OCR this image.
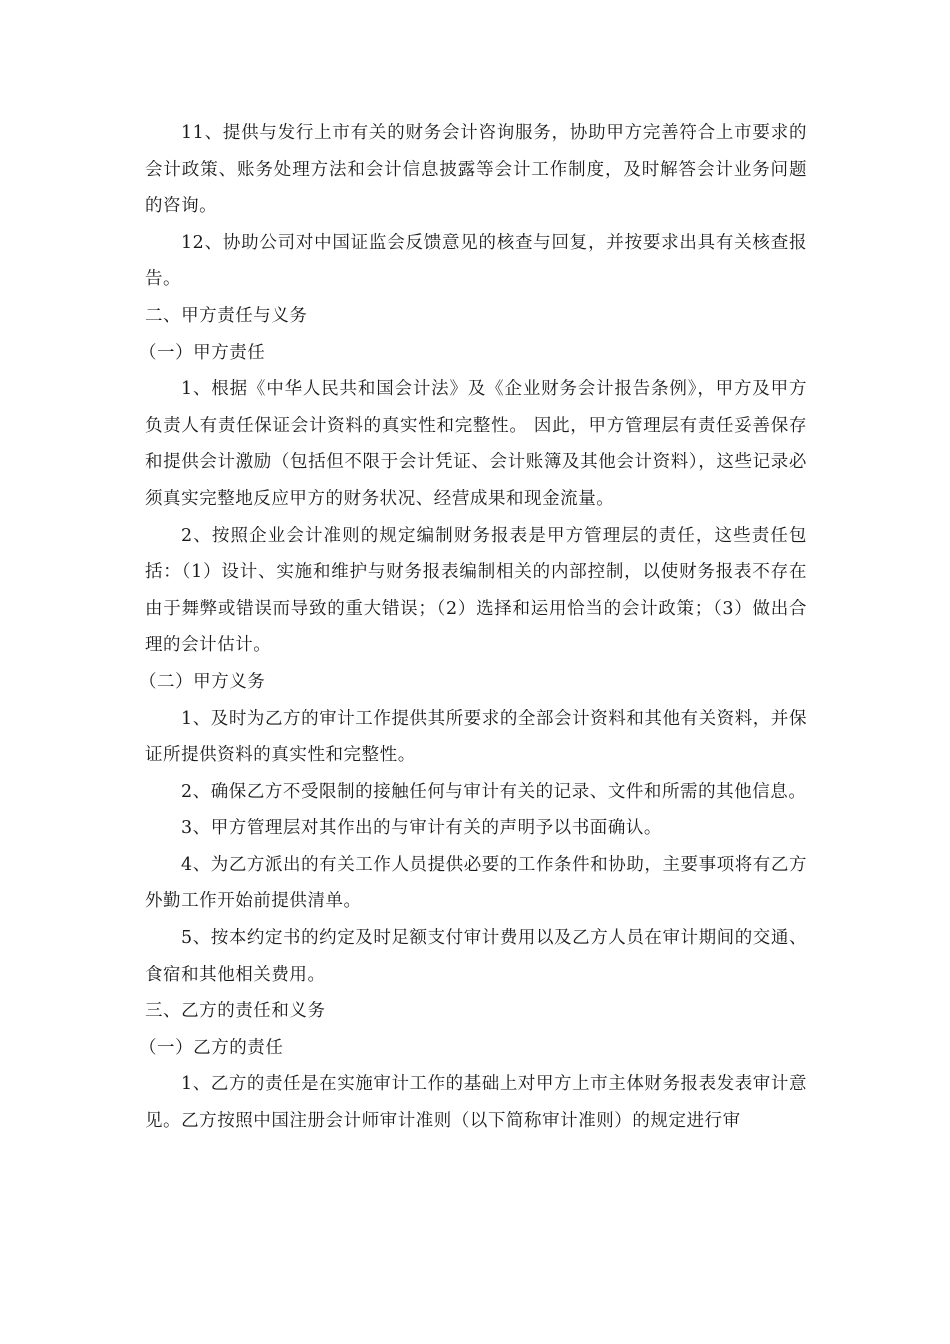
11、提供与发行上市有关的财务会计咨询服务，协助甲方完善符合上市要求的会计政策、账务处理方法和会计信息披露等会计工作制度，及时解答会计业务问题的咨询。

12、协助公司对中国证监会反馈意见的核查与回复，并按要求出具有关核查报告。

二、甲方责任与义务

（一）甲方责任

1、根据《中华人民共和国会计法》及《企业财务会计报告条例》，甲方及甲方负责人有责任保证会计资料的真实性和完整性。 因此，甲方管理层有责任妥善保存和提供会计激励（包括但不限于会计凭证、会计账簿及其他会计资料），这些记录必须真实完整地反应甲方的财务状况、经营成果和现金流量。

2、按照企业会计准则的规定编制财务报表是甲方管理层的责任，这些责任包括：（1）设计、实施和维护与财务报表编制相关的内部控制，以使财务报表不存在由于舞弊或错误而导致的重大错误；（2）选择和运用恰当的会计政策；（3）做出合理的会计估计。

（二）甲方义务

1、及时为乙方的审计工作提供其所要求的全部会计资料和其他有关资料，并保证所提供资料的真实性和完整性。

2、确保乙方不受限制的接触任何与审计有关的记录、文件和所需的其他信息。

3、甲方管理层对其作出的与审计有关的声明予以书面确认。

4、为乙方派出的有关工作人员提供必要的工作条件和协助，主要事项将有乙方外勤工作开始前提供清单。

5、按本约定书的约定及时足额支付审计费用以及乙方人员在审计期间的交通、食宿和其他相关费用。

三、乙方的责任和义务

（一）乙方的责任

1、乙方的责任是在实施审计工作的基础上对甲方上市主体财务报表发表审计意见。乙方按照中国注册会计师审计准则（以下简称审计准则）的规定进行审
